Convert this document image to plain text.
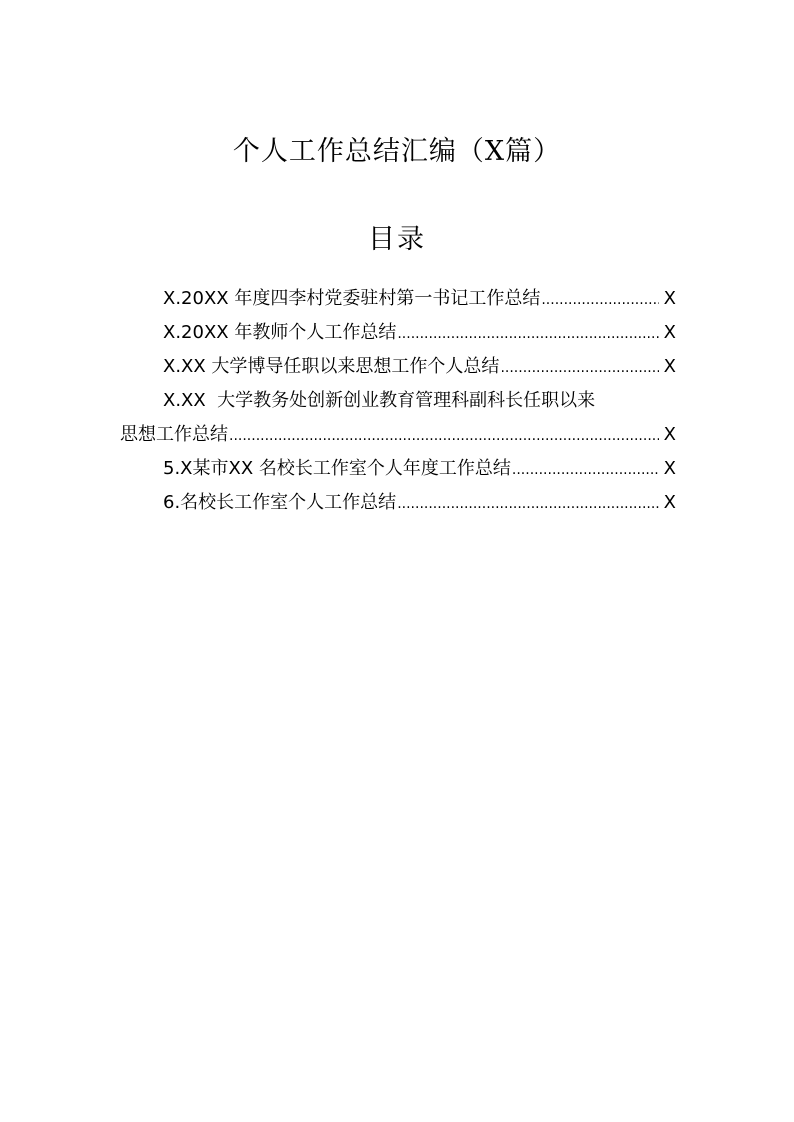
个人工作总结汇编（X篇）
目录
X.20XX 年度四李村党委驻村第一书记工作总结 .....	X
X.20XX 年教师个人工作总结 .....	X
X.XX 大学博导任职以来思想工作个人总结 .....	X
X.XX  大学教务处创新创业教育管理科副科长任职以来
思想工作总结 .....	X
5.X某市XX 名校长工作室个人年度工作总结 .....	X
6.名校长工作室个人工作总结 .....	X
